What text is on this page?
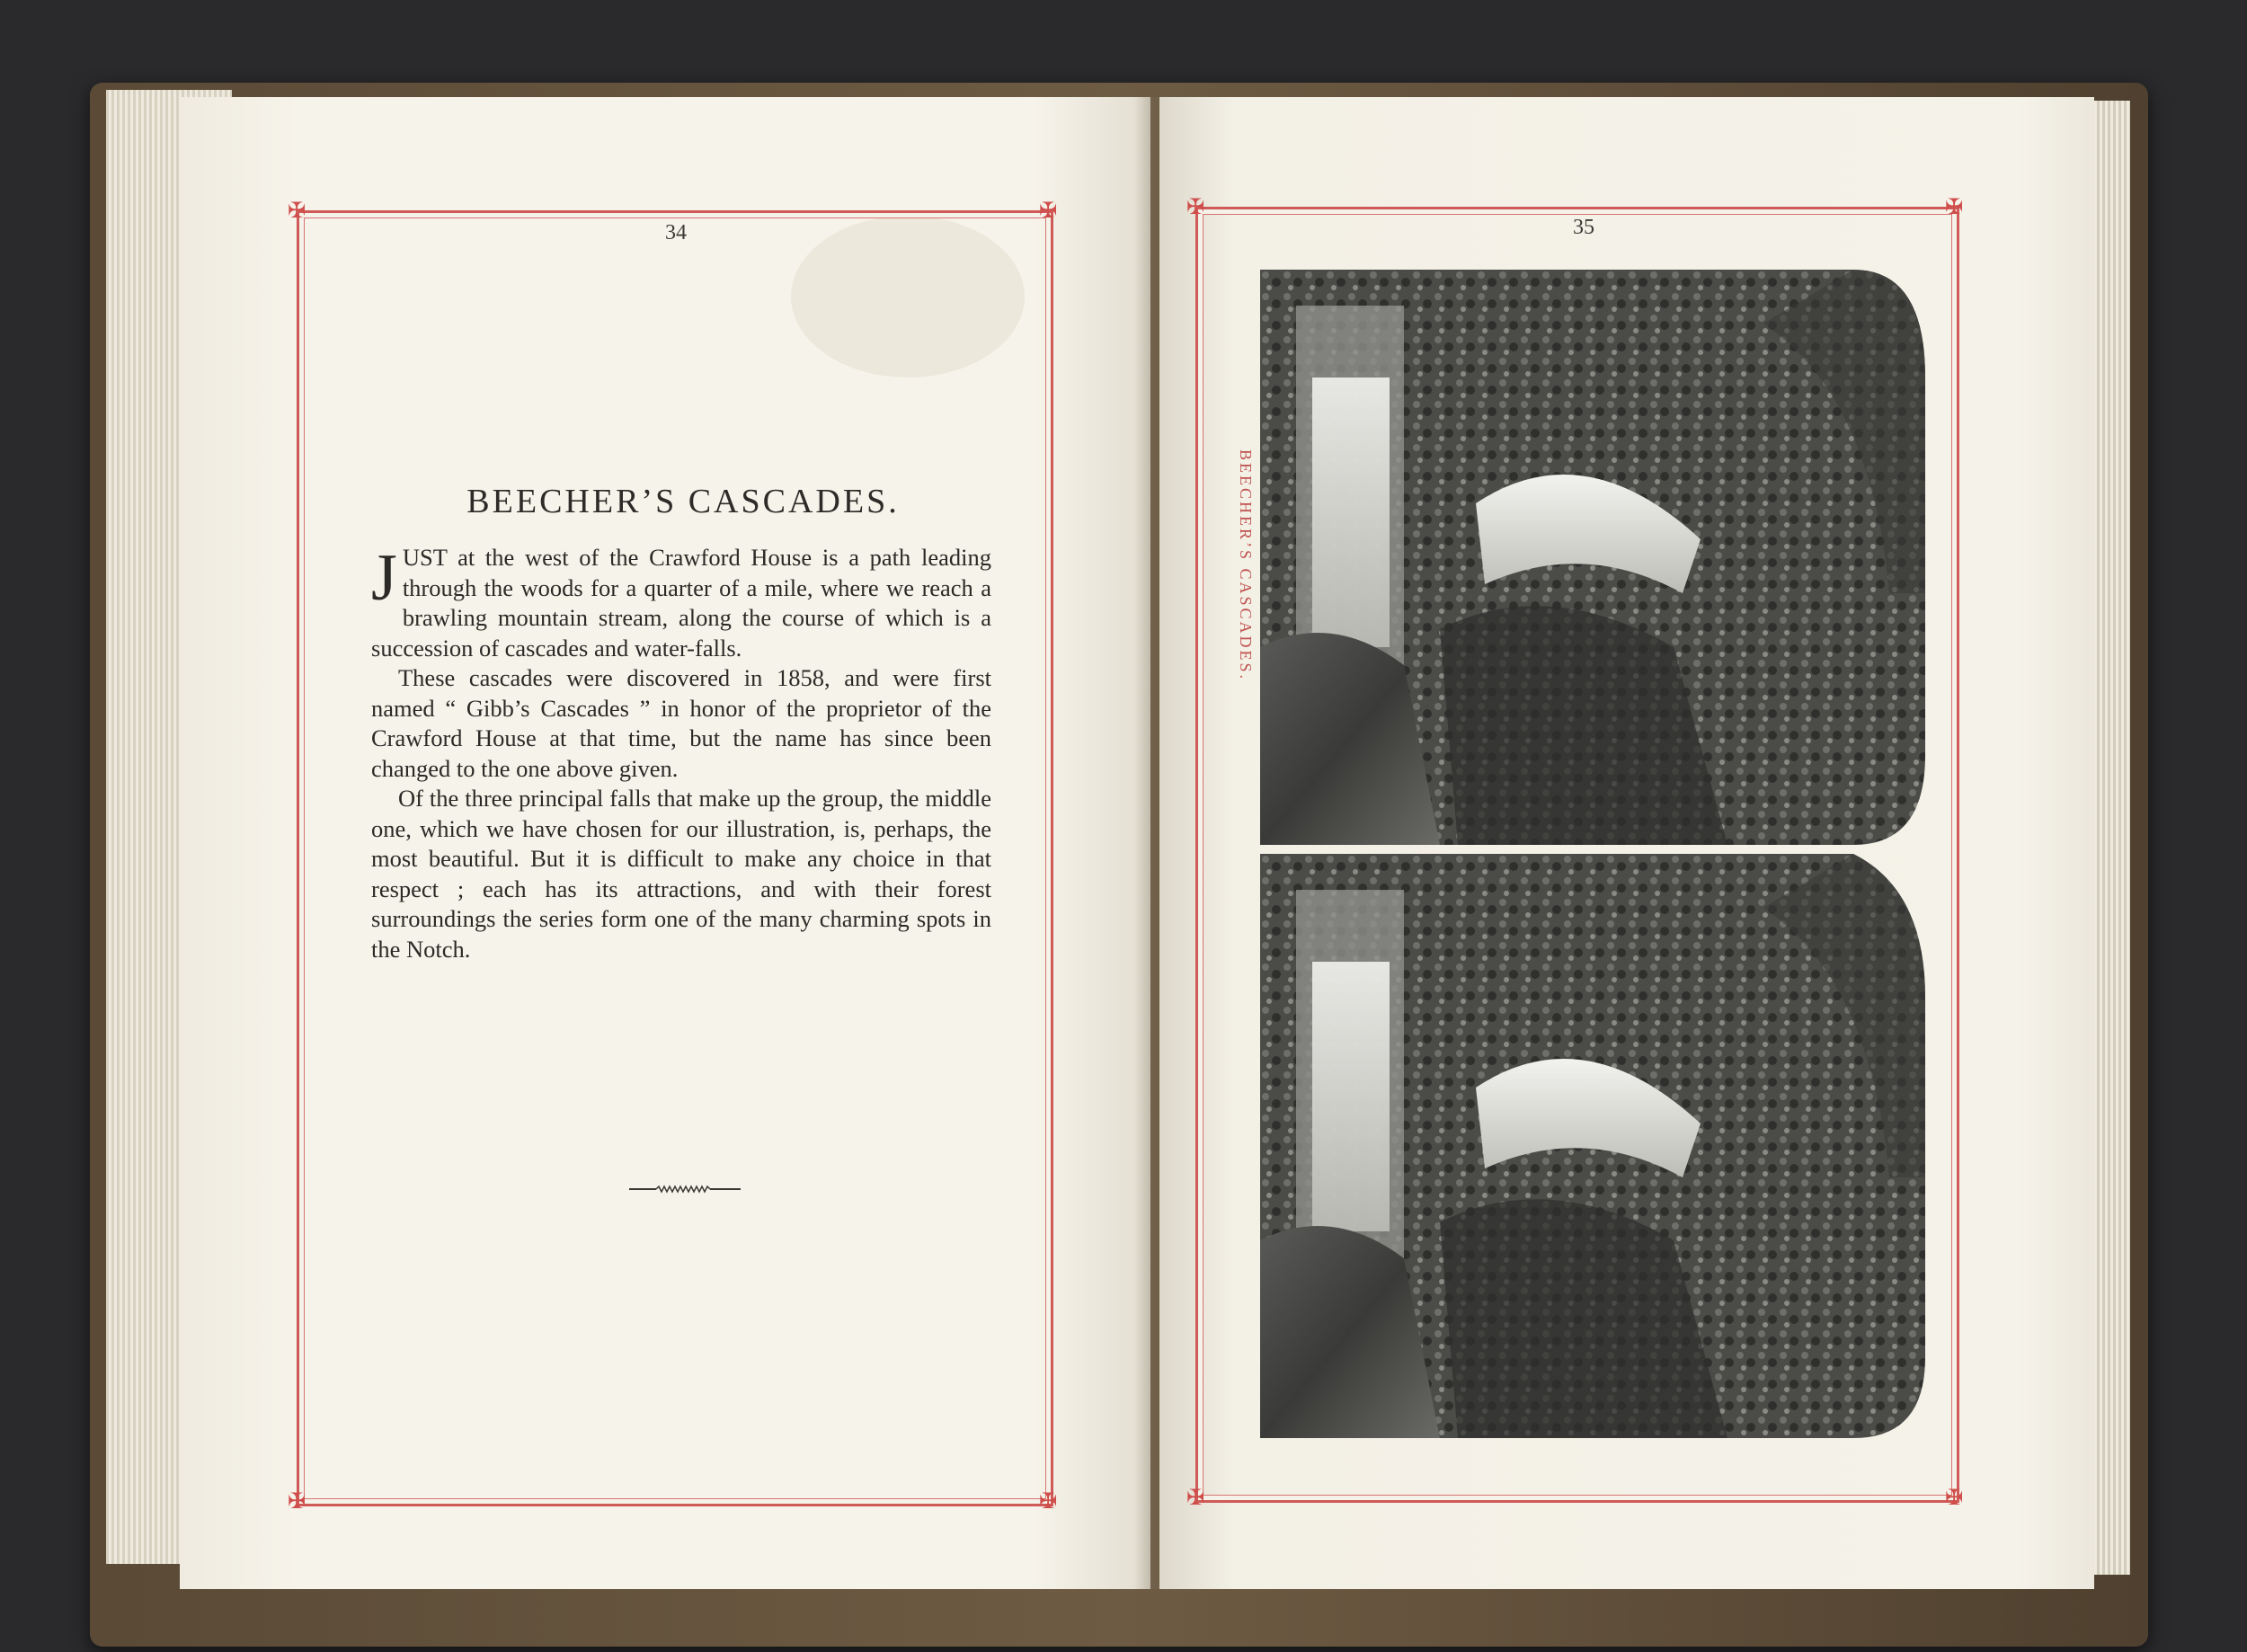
✠	✠
✠	✠
34
BEECHER’S CASCADES.

JUST at the west of the Crawford House is a path leading through the woods for a quarter of a mile, where we reach a brawling mountain stream, along the course of which is a succession of cascades and water-falls.

These cascades were discovered in 1858, and were first named “ Gibb’s Cascades ” in honor of the proprietor of the Crawford House at that time, but the name has since been changed to the one above given.

Of the three principal falls that make up the group, the middle one, which we have chosen for our illustration, is, perhaps, the most beautiful. But it is difficult to make any choice in that respect ; each has its attractions, and with their forest surroundings the series form one of the many charming spots in the Notch.

✠	✠
✠	✠
35
BEECHER’S CASCADES.
